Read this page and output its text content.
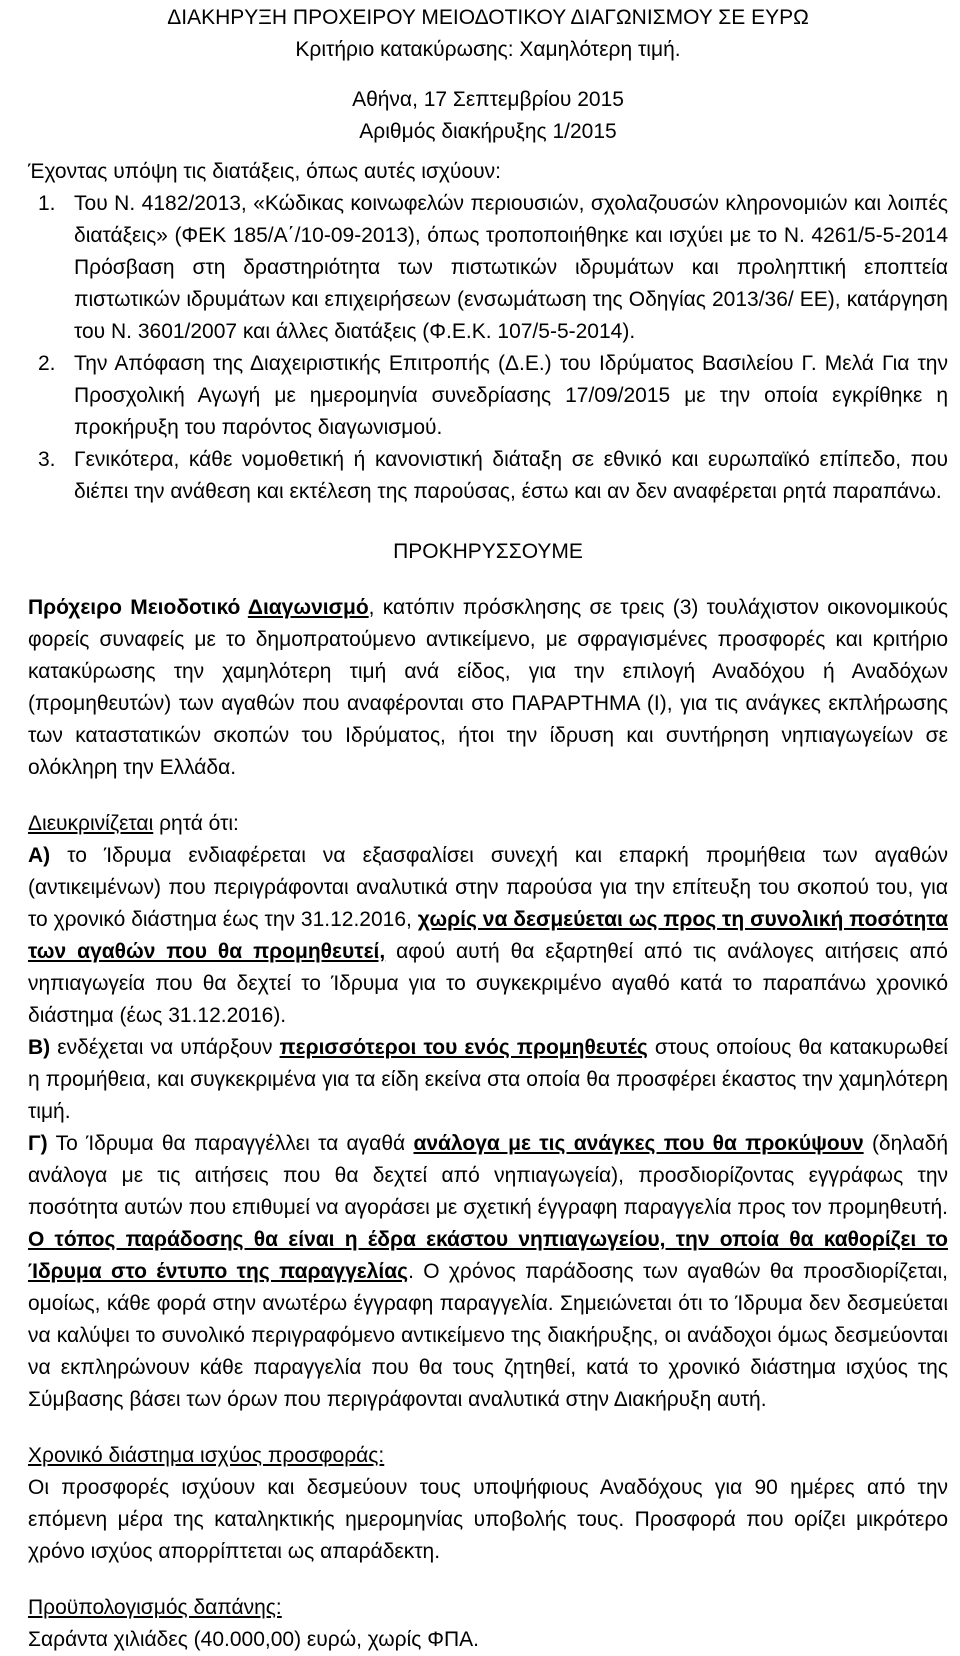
ΔΙΑΚΗΡΥΞΗ ΠΡΟΧΕΙΡΟΥ ΜΕΙΟΔΟΤΙΚΟΥ ΔΙΑΓΩΝΙΣΜΟΥ ΣΕ ΕΥΡΩ

Κριτήριο κατακύρωσης: Χαμηλότερη τιμή.

Αθήνα, 17 Σεπτεμβρίου 2015

Αριθμός διακήρυξης 1/2015

Έχοντας υπόψη τις διατάξεις, όπως αυτές ισχύουν:

1. Του Ν. 4182/2013, «Κώδικας κοινωφελών περιουσιών, σχολαζουσών κληρονομιών και λοιπές διατάξεις» (ΦΕΚ 185/Α΄/10-09-2013), όπως τροποποιήθηκε και ισχύει με το Ν. 4261/5-5-2014 Πρόσβαση στη δραστηριότητα των πιστωτικών ιδρυμάτων και προληπτική εποπτεία πιστωτικών ιδρυμάτων και επιχειρήσεων (ενσωμάτωση της Οδηγίας 2013/36/ ΕΕ), κατάργηση του Ν. 3601/2007 και άλλες διατάξεις (Φ.Ε.Κ. 107/5-5-2014).
2. Την Απόφαση της Διαχειριστικής Επιτροπής (Δ.Ε.) του Ιδρύματος Βασιλείου Γ. Μελά Για την Προσχολική Αγωγή με ημερομηνία συνεδρίασης 17/09/2015 με την οποία εγκρίθηκε η προκήρυξη του παρόντος διαγωνισμού.
3. Γενικότερα, κάθε νομοθετική ή κανονιστική διάταξη σε εθνικό και ευρωπαϊκό επίπεδο, που διέπει την ανάθεση και εκτέλεση της παρούσας, έστω και αν δεν αναφέρεται ρητά παραπάνω.

ΠΡΟΚΗΡΥΣΣΟΥΜΕ

Πρόχειρο Μειοδοτικό Διαγωνισμό, κατόπιν πρόσκλησης σε τρεις (3) τουλάχιστον οικονομικούς φορείς συναφείς με το δημοπρατούμενο αντικείμενο, με σφραγισμένες προσφορές και κριτήριο κατακύρωσης την χαμηλότερη τιμή ανά είδος, για την επιλογή Αναδόχου ή Αναδόχων (προμηθευτών) των αγαθών που αναφέρονται στο ΠΑΡΑΡΤΗΜΑ (Ι), για τις ανάγκες εκπλήρωσης των καταστατικών σκοπών του Ιδρύματος, ήτοι την ίδρυση και συντήρηση νηπιαγωγείων σε ολόκληρη την Ελλάδα.

Διευκρινίζεται ρητά ότι:

Α) το Ίδρυμα ενδιαφέρεται να εξασφαλίσει συνεχή και επαρκή προμήθεια των αγαθών (αντικειμένων) που περιγράφονται αναλυτικά στην παρούσα για την επίτευξη του σκοπού του, για το χρονικό διάστημα έως την 31.12.2016, χωρίς να δεσμεύεται ως προς τη συνολική ποσότητα των αγαθών που θα προμηθευτεί, αφού αυτή θα εξαρτηθεί από τις ανάλογες αιτήσεις από νηπιαγωγεία που θα δεχτεί το Ίδρυμα για το συγκεκριμένο αγαθό κατά το παραπάνω χρονικό διάστημα (έως 31.12.2016).

Β) ενδέχεται να υπάρξουν περισσότεροι του ενός προμηθευτές στους οποίους θα κατακυρωθεί η προμήθεια, και συγκεκριμένα για τα είδη εκείνα στα οποία θα προσφέρει έκαστος την χαμηλότερη τιμή.

Γ) Το Ίδρυμα θα παραγγέλλει τα αγαθά ανάλογα με τις ανάγκες που θα προκύψουν (δηλαδή ανάλογα με τις αιτήσεις που θα δεχτεί από νηπιαγωγεία), προσδιορίζοντας εγγράφως την ποσότητα αυτών που επιθυμεί να αγοράσει με σχετική έγγραφη παραγγελία προς τον προμηθευτή. Ο τόπος παράδοσης θα είναι η έδρα εκάστου νηπιαγωγείου, την οποία θα καθορίζει το Ίδρυμα στο έντυπο της παραγγελίας. Ο χρόνος παράδοσης των αγαθών θα προσδιορίζεται, ομοίως, κάθε φορά στην ανωτέρω έγγραφη παραγγελία. Σημειώνεται ότι το Ίδρυμα δεν δεσμεύεται να καλύψει το συνολικό περιγραφόμενο αντικείμενο της διακήρυξης, οι ανάδοχοι όμως δεσμεύονται να εκπληρώνουν κάθε παραγγελία που θα τους ζητηθεί, κατά το χρονικό διάστημα ισχύος της Σύμβασης βάσει των όρων που περιγράφονται αναλυτικά στην Διακήρυξη αυτή.

Χρονικό διάστημα ισχύος προσφοράς:

Οι προσφορές ισχύουν και δεσμεύουν τους υποψήφιους Αναδόχους για 90 ημέρες από την επόμενη μέρα της καταληκτικής ημερομηνίας υποβολής τους. Προσφορά που ορίζει μικρότερο χρόνο ισχύος απορρίπτεται ως απαράδεκτη.

Προϋπολογισμός δαπάνης:

Σαράντα χιλιάδες (40.000,00) ευρώ, χωρίς ΦΠΑ.
